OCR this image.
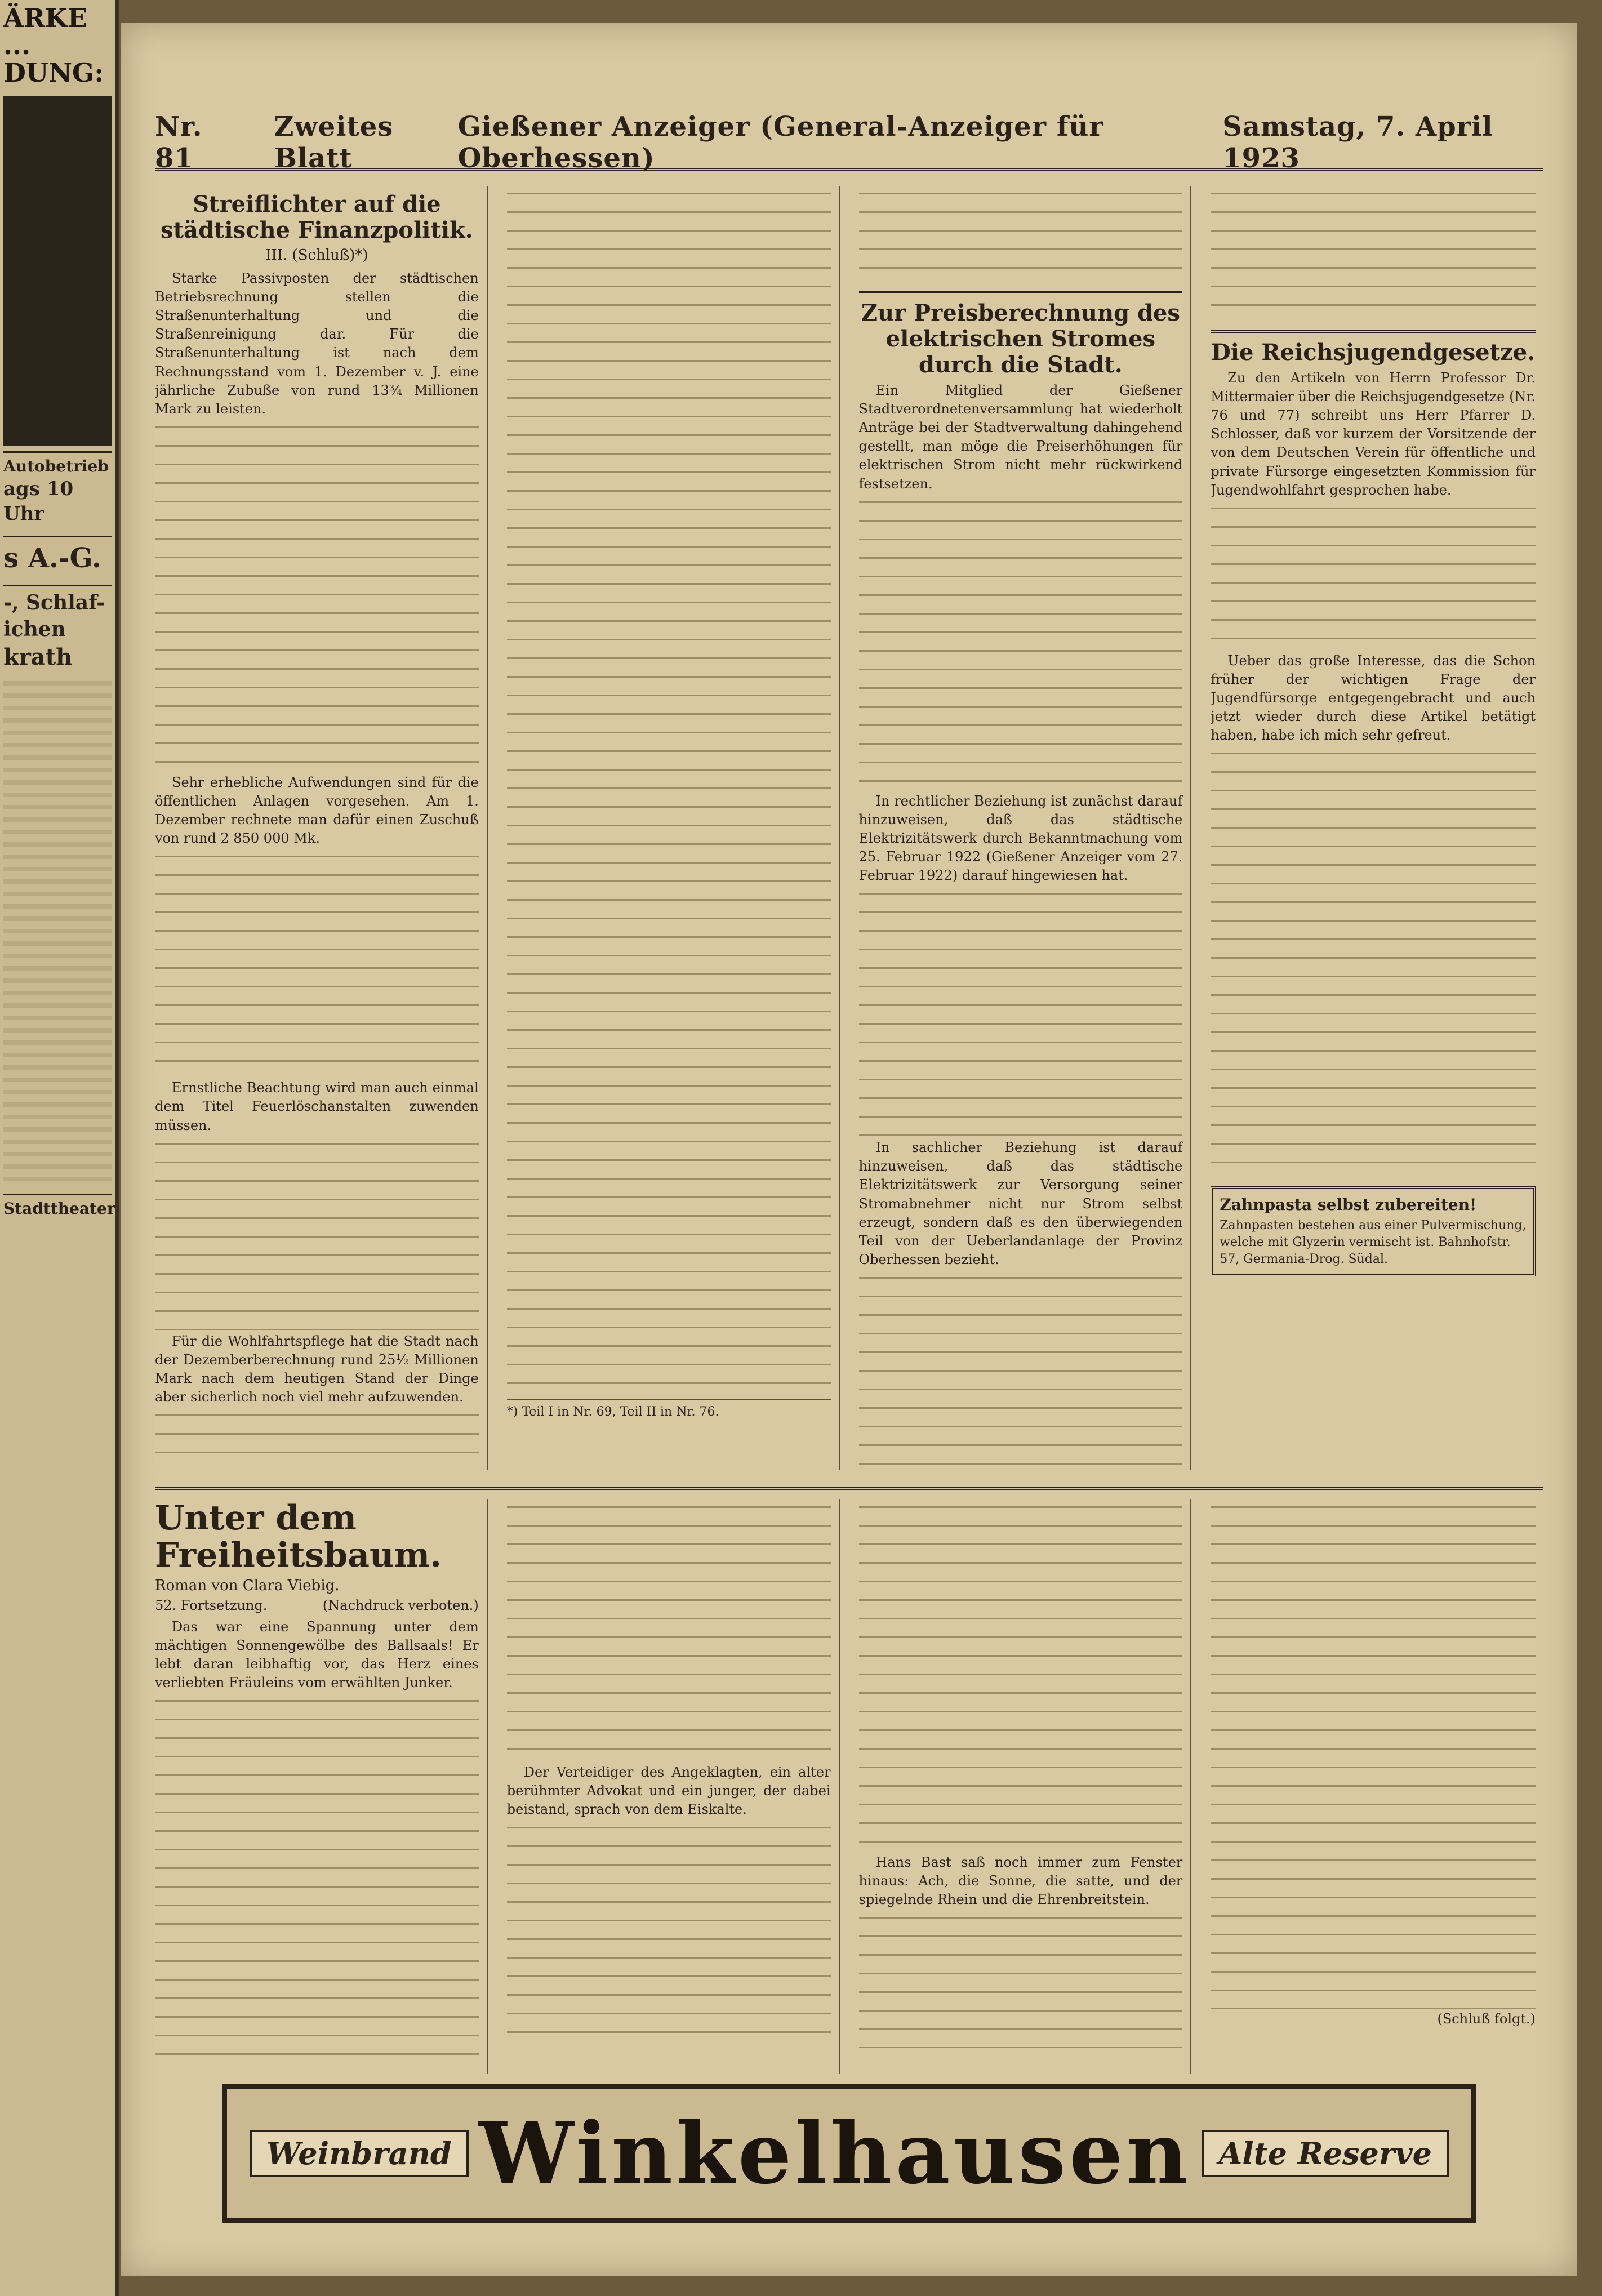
ÄRKE ... DUNG:
Autobetrieb
ags 10 Uhr
s A.-G.
-, Schlaf- ichen
krath
Stadttheater
Nr. 81
Zweites Blatt
Gießener Anzeiger (General-Anzeiger für Oberhessen)
Samstag, 7. April 1923
Streiflichter auf die städtische Finanzpolitik.
III. (Schluß)*)

Starke Passivposten der städtischen Betriebsrechnung stellen die Straßenunterhaltung und die Straßenreinigung dar. Für die Straßenunterhaltung ist nach dem Rechnungsstand vom 1. Dezember v. J. eine jährliche Zubuße von rund 13¾ Millionen Mark zu leisten.

Sehr erhebliche Aufwendungen sind für die öffentlichen Anlagen vorgesehen. Am 1. Dezember rechnete man dafür einen Zuschuß von rund 2 850 000 Mk.

Ernstliche Beachtung wird man auch einmal dem Titel Feuerlöschanstalten zuwenden müssen.

Für die Wohlfahrtspflege hat die Stadt nach der Dezemberberechnung rund 25½ Millionen Mark nach dem heutigen Stand der Dinge aber sicherlich noch viel mehr aufzuwenden.

*) Teil I in Nr. 69, Teil II in Nr. 76.
Zur Preisberechnung des elektrischen Stromes durch die Stadt.

Ein Mitglied der Gießener Stadtverordnetenversammlung hat wiederholt Anträge bei der Stadtverwaltung dahingehend gestellt, man möge die Preiserhöhungen für elektrischen Strom nicht mehr rückwirkend festsetzen.

In rechtlicher Beziehung ist zunächst darauf hinzuweisen, daß das städtische Elektrizitätswerk durch Bekanntmachung vom 25. Februar 1922 (Gießener Anzeiger vom 27. Februar 1922) darauf hingewiesen hat.

In sachlicher Beziehung ist darauf hinzuweisen, daß das städtische Elektrizitätswerk zur Versorgung seiner Stromabnehmer nicht nur Strom selbst erzeugt, sondern daß es den überwiegenden Teil von der Ueberlandanlage der Provinz Oberhessen bezieht.

Die Reichsjugendgesetze.

Zu den Artikeln von Herrn Professor Dr. Mittermaier über die Reichsjugendgesetze (Nr. 76 und 77) schreibt uns Herr Pfarrer D. Schlosser, daß vor kurzem der Vorsitzende der von dem Deutschen Verein für öffentliche und private Fürsorge eingesetzten Kommission für Jugendwohlfahrt gesprochen habe.

Ueber das große Interesse, das die Schon früher der wichtigen Frage der Jugendfürsorge entgegengebracht und auch jetzt wieder durch diese Artikel betätigt haben, habe ich mich sehr gefreut.

Zahnpasta selbst zubereiten!
Zahnpasten bestehen aus einer Pulvermischung, welche mit Glyzerin vermischt ist. Bahnhofstr. 57, Germania-Drog. Südal.
Unter dem Freiheitsbaum.
Roman von Clara Viebig.
52. Fortsetzung.	(Nachdruck verboten.)

Das war eine Spannung unter dem mächtigen Sonnengewölbe des Ballsaals! Er lebt daran leibhaftig vor, das Herz eines verliebten Fräuleins vom erwählten Junker.

Der Verteidiger des Angeklagten, ein alter berühmter Advokat und ein junger, der dabei beistand, sprach von dem Eiskalte.

Hans Bast saß noch immer zum Fenster hinaus: Ach, die Sonne, die satte, und der spiegelnde Rhein und die Ehrenbreitstein.

(Schluß folgt.)
Weinbrand Winkelhausen Alte Reserve
